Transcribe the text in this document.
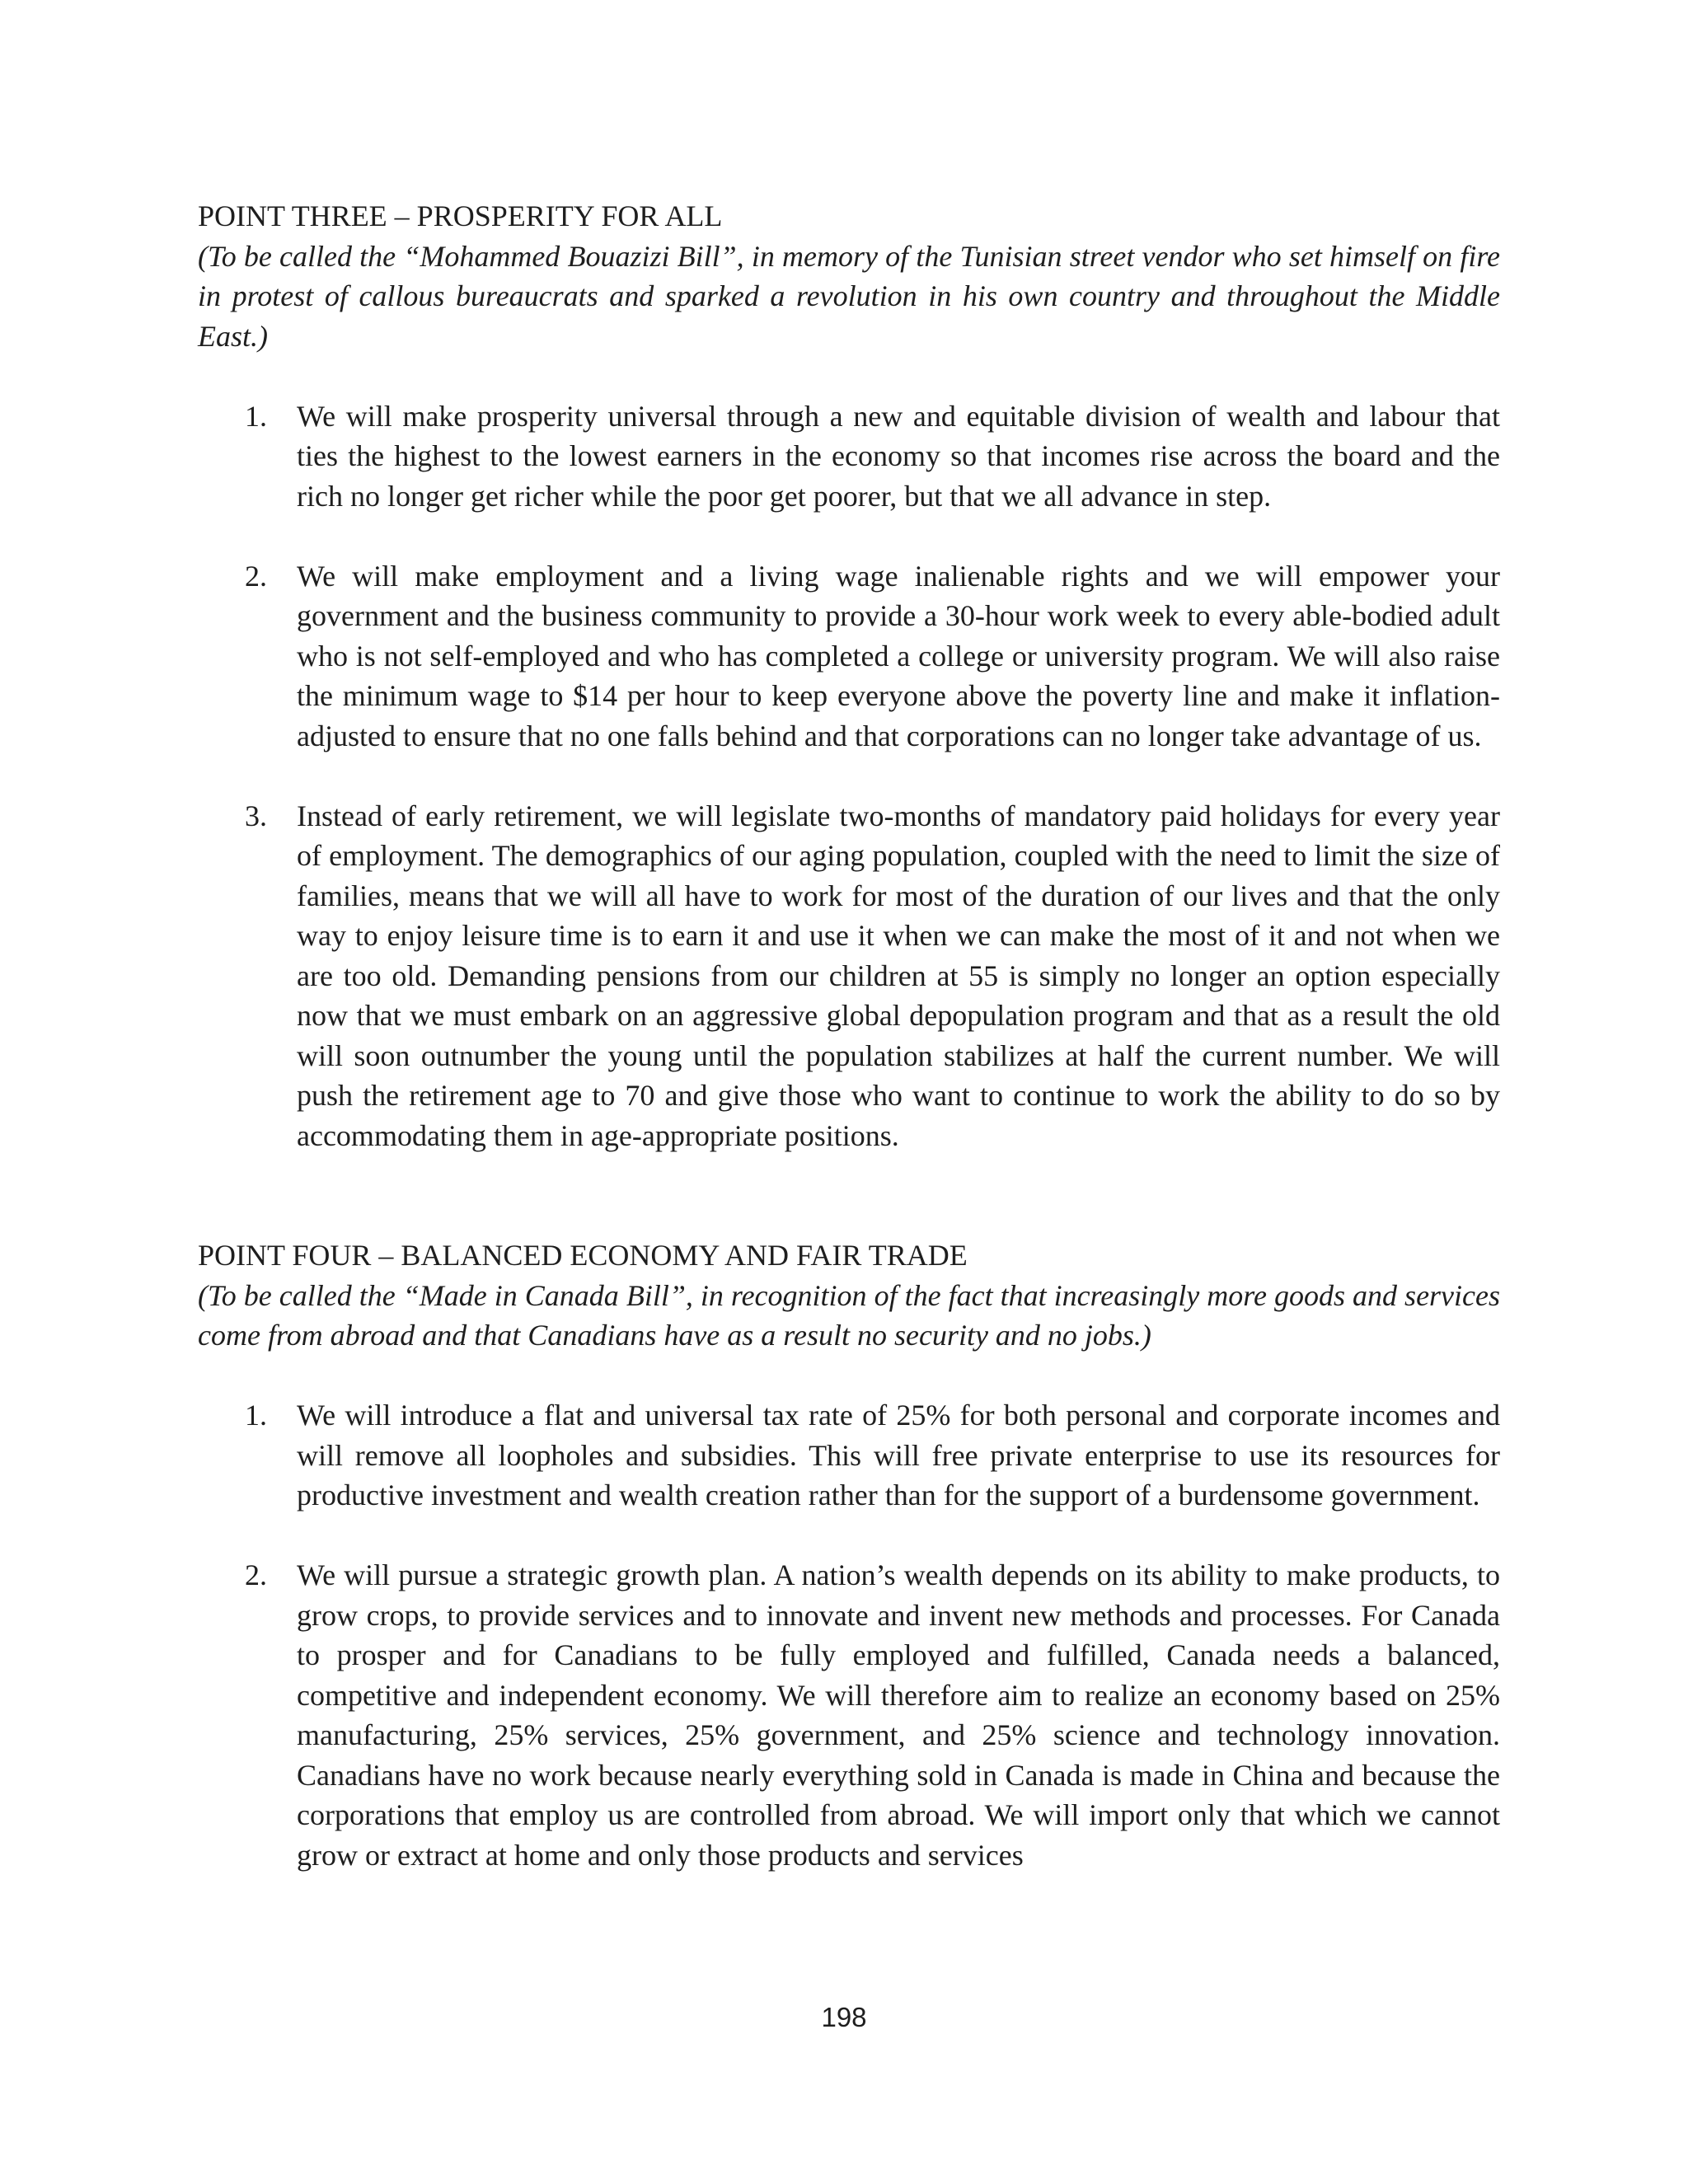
POINT THREE – PROSPERITY FOR ALL

(To be called the “Mohammed Bouazizi Bill”, in memory of the Tunisian street vendor who set himself on fire in protest of callous bureaucrats and sparked a revolution in his own country and throughout the Middle East.)

1. We will make prosperity universal through a new and equitable division of wealth and labour that ties the highest to the lowest earners in the economy so that incomes rise across the board and the rich no longer get richer while the poor get poorer, but that we all advance in step.
2. We will make employment and a living wage inalienable rights and we will empower your government and the business community to provide a 30-hour work week to every able-bodied adult who is not self-employed and who has completed a college or university program. We will also raise the minimum wage to $14 per hour to keep everyone above the poverty line and make it inflation-adjusted to ensure that no one falls behind and that corporations can no longer take advantage of us.
3. Instead of early retirement, we will legislate two-months of mandatory paid holidays for every year of employment. The demographics of our aging population, coupled with the need to limit the size of families, means that we will all have to work for most of the duration of our lives and that the only way to enjoy leisure time is to earn it and use it when we can make the most of it and not when we are too old. Demanding pensions from our children at 55 is simply no longer an option especially now that we must embark on an aggressive global depopulation program and that as a result the old will soon outnumber the young until the population stabilizes at half the current number. We will push the retirement age to 70 and give those who want to continue to work the ability to do so by accommodating them in age-appropriate positions.
POINT FOUR – BALANCED ECONOMY AND FAIR TRADE

(To be called the “Made in Canada Bill”, in recognition of the fact that increasingly more goods and services come from abroad and that Canadians have as a result no security and no jobs.)

1. We will introduce a flat and universal tax rate of 25% for both personal and corporate incomes and will remove all loopholes and subsidies. This will free private enterprise to use its resources for productive investment and wealth creation rather than for the support of a burdensome government.
2. We will pursue a strategic growth plan. A nation’s wealth depends on its ability to make products, to grow crops, to provide services and to innovate and invent new methods and processes. For Canada to prosper and for Canadians to be fully employed and fulfilled, Canada needs a balanced, competitive and independent economy. We will therefore aim to realize an economy based on 25% manufacturing, 25% services, 25% government, and 25% science and technology innovation. Canadians have no work because nearly everything sold in Canada is made in China and because the corporations that employ us are controlled from abroad. We will import only that which we cannot grow or extract at home and only those products and services
198
